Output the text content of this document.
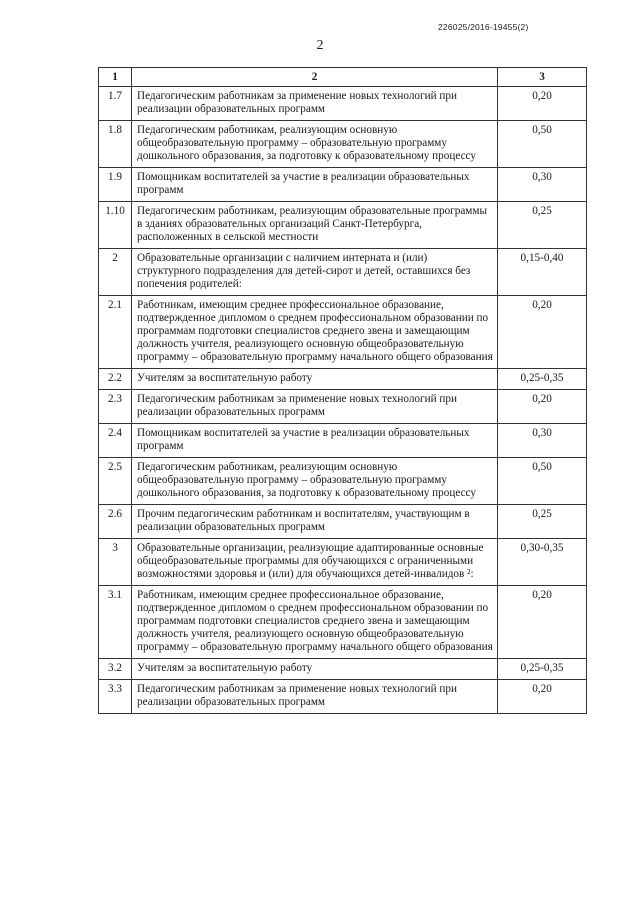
226025/2016-19455(2)
2
1	2	3
1.7	Педагогическим работникам за применение новых технологий при реализации образовательных программ	0,20
1.8	Педагогическим работникам, реализующим основную общеобразовательную программу – образовательную программу дошкольного образования, за подготовку к образовательному процессу	0,50
1.9	Помощникам воспитателей за участие в реализации образовательных программ	0,30
1.10	Педагогическим работникам, реализующим образовательные программы в зданиях образовательных организаций Санкт-Петербурга, расположенных в сельской местности	0,25
2	Образовательные организации с наличием интерната и (или) структурного подразделения для детей-сирот и детей, оставшихся без попечения родителей:	0,15-0,40
2.1	Работникам, имеющим среднее профессиональное образование, подтвержденное дипломом о среднем профессиональном образовании по программам подготовки специалистов среднего звена и замещающим должность учителя, реализующего основную общеобразовательную программу – образовательную программу начального общего образования	0,20
2.2	Учителям за воспитательную работу	0,25-0,35
2.3	Педагогическим работникам за применение новых технологий при реализации образовательных программ	0,20
2.4	Помощникам воспитателей за участие в реализации образовательных программ	0,30
2.5	Педагогическим работникам, реализующим основную общеобразовательную программу – образовательную программу дошкольного образования, за подготовку к образовательному процессу	0,50
2.6	Прочим педагогическим работникам и воспитателям, участвующим в реализации образовательных программ	0,25
3	Образовательные организации, реализующие адаптированные основные общеобразовательные программы для обучающихся с ограниченными возможностями здоровья и (или) для обучающихся детей-инвалидов ²:	0,30-0,35
3.1	Работникам, имеющим среднее профессиональное образование, подтвержденное дипломом о среднем профессиональном образовании по программам подготовки специалистов среднего звена и замещающим должность учителя, реализующего основную общеобразовательную программу – образовательную программу начального общего образования	0,20
3.2	Учителям за воспитательную работу	0,25-0,35
3.3	Педагогическим работникам за применение новых технологий при реализации образовательных программ	0,20
